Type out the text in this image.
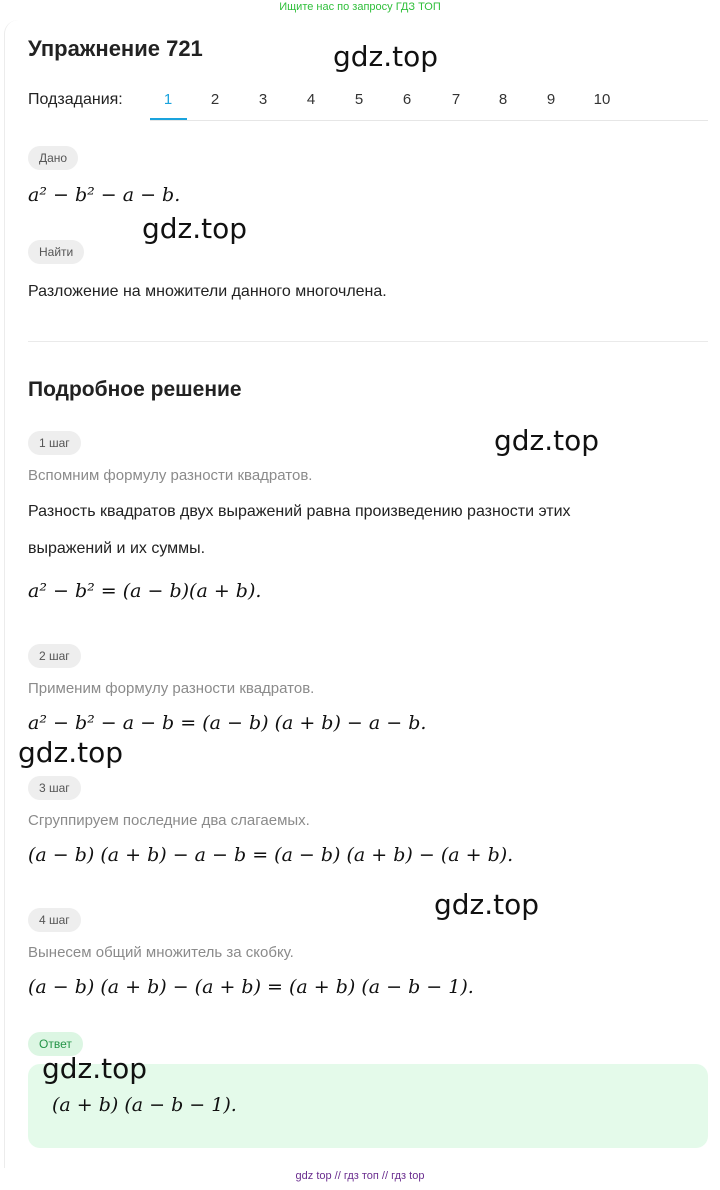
Ищите нас по запросу ГДЗ ТОП
Упражнение 721	gdz.top
Подзадания:	1	2	3	4	5	6	7	8	9	10
Дано
a² − b² − a − b.
gdz.top
Найти
Разложение на множители данного многочлена.
Подробное решение
1 шаг	gdz.top
Вспомним формулу разности квадратов.
Разность квадратов двух выражений равна произведению разности этих
выражений и их суммы.
a² − b² = (a − b)(a + b).
2 шаг
Применим формулу разности квадратов.
a² − b² − a − b = (a − b) (a + b) − a − b.
gdz.top
3 шаг
Сгруппируем последние два слагаемых.
(a − b) (a + b) − a − b = (a − b) (a + b) − (a + b).
gdz.top
4 шаг
Вынесем общий множитель за скобку.
(a − b) (a + b) − (a + b) = (a + b) (a − b − 1).
Ответ
gdz.top
(a + b) (a − b − 1).
gdz top // гдз топ // гдз top
